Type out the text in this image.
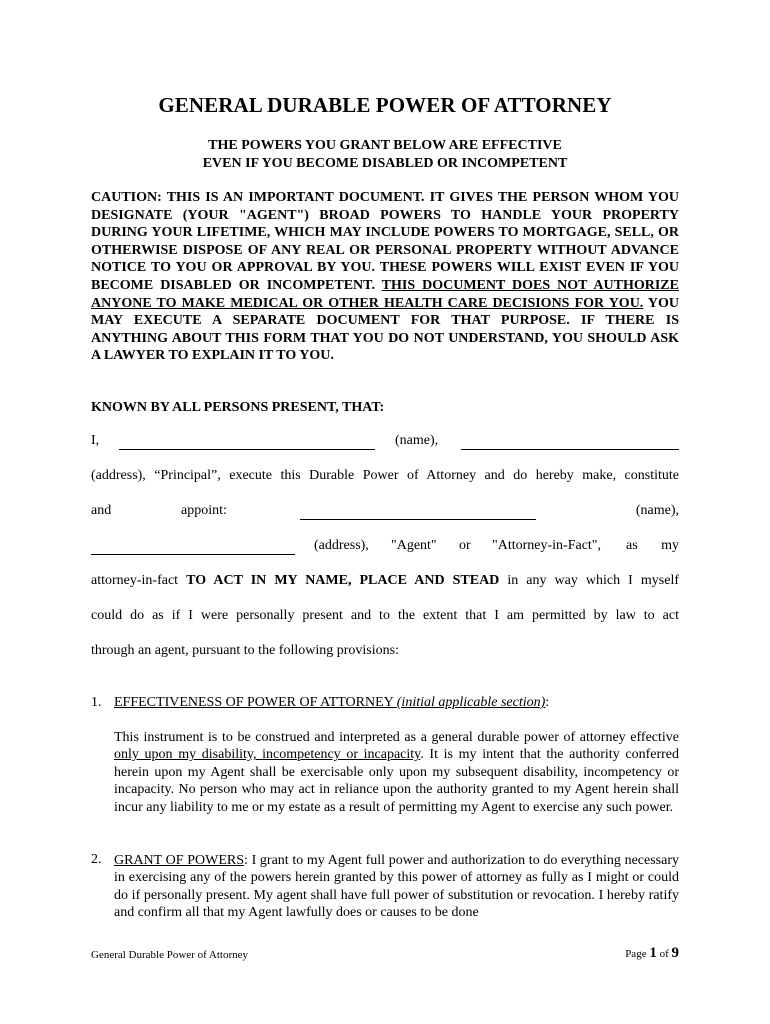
GENERAL DURABLE POWER OF ATTORNEY
THE POWERS YOU GRANT BELOW ARE EFFECTIVE
EVEN IF YOU BECOME DISABLED OR INCOMPETENT
CAUTION: THIS IS AN IMPORTANT DOCUMENT. IT GIVES THE PERSON WHOM YOU DESIGNATE (YOUR "AGENT") BROAD POWERS TO HANDLE YOUR PROPERTY DURING YOUR LIFETIME, WHICH MAY INCLUDE POWERS TO MORTGAGE, SELL, OR OTHERWISE DISPOSE OF ANY REAL OR PERSONAL PROPERTY WITHOUT ADVANCE NOTICE TO YOU OR APPROVAL BY YOU. THESE POWERS WILL EXIST EVEN IF YOU BECOME DISABLED OR INCOMPETENT. THIS DOCUMENT DOES NOT AUTHORIZE ANYONE TO MAKE MEDICAL OR OTHER HEALTH CARE DECISIONS FOR YOU. YOU MAY EXECUTE A SEPARATE DOCUMENT FOR THAT PURPOSE. IF THERE IS ANYTHING ABOUT THIS FORM THAT YOU DO NOT UNDERSTAND, YOU SHOULD ASK A LAWYER TO EXPLAIN IT TO YOU.
KNOWN BY ALL PERSONS PRESENT, THAT:
I,	(name),
(address), “Principal”, execute this Durable Power of Attorney and do hereby make, constitute
and	appoint:	(name),
(address), "Agent" or "Attorney-in-Fact", as my
attorney-in-fact TO ACT IN MY NAME, PLACE AND STEAD in any way which I myself
could do as if I were personally present and to the extent that I am permitted by law to act
through an agent, pursuant to the following provisions:
1. EFFECTIVENESS OF POWER OF ATTORNEY (initial applicable section):
This instrument is to be construed and interpreted as a general durable power of attorney effective only upon my disability, incompetency or incapacity. It is my intent that the authority conferred herein upon my Agent shall be exercisable only upon my subsequent disability, incompetency or incapacity. No person who may act in reliance upon the authority granted to my Agent herein shall incur any liability to me or my estate as a result of permitting my Agent to exercise any such power.
2. GRANT OF POWERS: I grant to my Agent full power and authorization to do everything necessary in exercising any of the powers herein granted by this power of attorney as fully as I might or could do if personally present. My agent shall have full power of substitution or revocation. I hereby ratify and confirm all that my Agent lawfully does or causes to be done
General Durable Power of Attorney	Page 1 of 9
